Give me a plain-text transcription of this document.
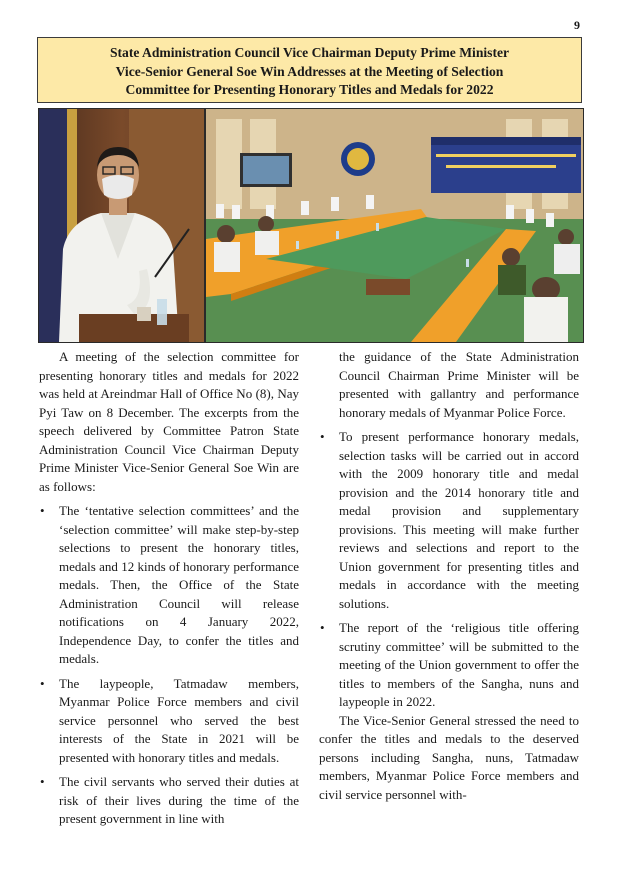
9
State Administration Council Vice Chairman Deputy Prime Minister
Vice-Senior General Soe Win Addresses at the Meeting of Selection
Committee for Presenting Honorary Titles and Medals for 2022

A meeting of the selection committee for presenting honorary titles and medals for 2022 was held at Areindmar Hall of Office No (8), Nay Pyi Taw on 8 December. The excerpts from the speech delivered by Committee Patron State Administration Council Vice Chairman Deputy Prime Minister Vice-Senior General Soe Win are as follows:

• The ‘tentative selection committees’ and the ‘selection committee’ will make step-by-step selections to present the honorary titles, medals and 12 kinds of honorary performance medals. Then, the Office of the State Administration Council will release notifications on 4 January 2022, Independence Day, to confer the titles and medals.
• The laypeople, Tatmadaw members, Myanmar Police Force members and civil service personnel who served the best interests of the State in 2021 will be presented with honorary titles and medals.
• The civil servants who served their duties at risk of their lives during the time of the present government in line with

the guidance of the State Administration Council Chairman Prime Minister will be presented with gallantry and performance honorary medals of Myanmar Police Force.

• To present performance honorary medals, selection tasks will be carried out in accord with the 2009 honorary title and medal provision and the 2014 honorary title and medal provision and supplementary provisions. This meeting will make further reviews and selections and report to the Union government for presenting titles and medals in accordance with the meeting solutions.
• The report of the ‘religious title offering scrutiny committee’ will be submitted to the meeting of the Union government to offer the titles to members of the Sangha, nuns and laypeople in 2022.

The Vice-Senior General stressed the need to confer the titles and medals to the deserved persons including Sangha, nuns, Tatmadaw members, Myanmar Police Force members and civil service personnel with-
